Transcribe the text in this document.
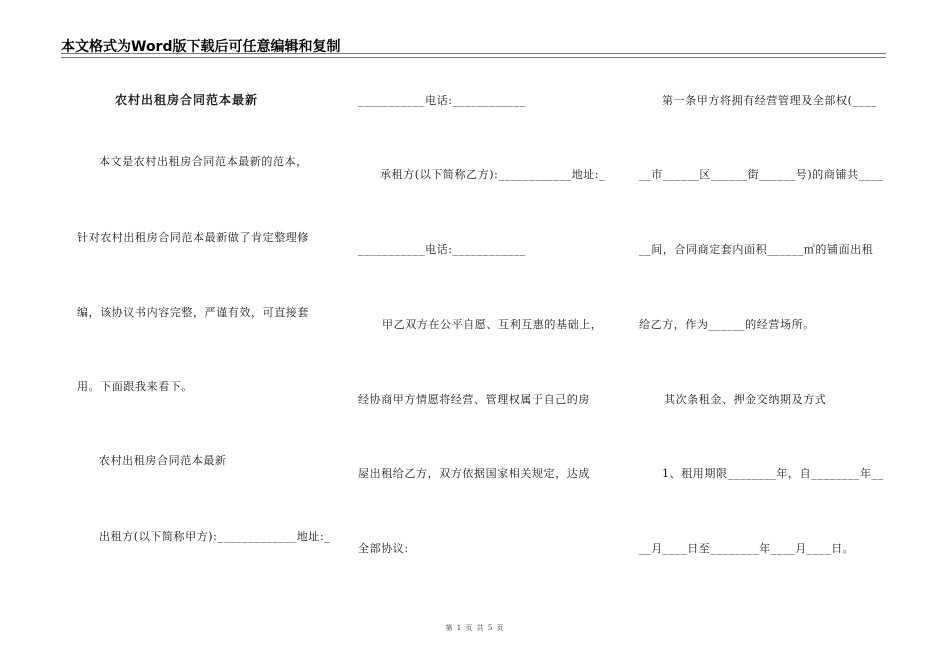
本文格式为Word版下载后可任意编辑和复制
农村出租房合同范本最新
本文是农村出租房合同范本最新的范本，
针对农村出租房合同范本最新做了肯定整理修
编，该协议书内容完整，严谨有效，可直接套
用。下面跟我来看下。
农村出租房合同范本最新
出租方(以下简称甲方):_____________地址:_
___________电话:____________
承租方(以下简称乙方):____________地址:_
___________电话:____________
甲乙双方在公平自愿、互利互惠的基础上，
经协商甲方情愿将经营、管理权属于自己的房
屋出租给乙方，双方依据国家相关规定，达成
全部协议:
第一条甲方将拥有经营管理及全部权(____
__市______区______街______号)的商铺共____
__间，合同商定套内面积______㎡的铺面出租
给乙方，作为______的经营场所。
其次条租金、押金交纳期及方式
1、租用期限________年，自________年__
__月____日至________年____月____日。
第 1 页 共 5 页
